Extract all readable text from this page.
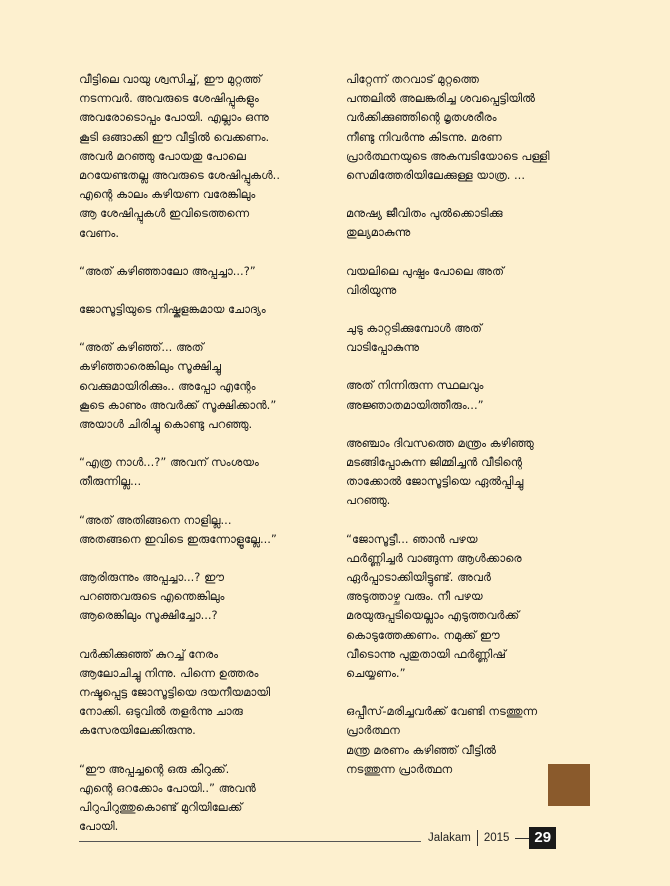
വീട്ടിലെ വായു ശ്വസിച്ച്, ഈ മുറ്റത്ത്
നടന്നവർ. അവരുടെ ശേഷിപ്പുകളും
അവരോടൊപ്പം പോയി. എല്ലാം ഒന്നു
കൂടി ഒങ്ങാക്കി ഈ വീട്ടിൽ വെക്കണം.
അവർ മറഞ്ഞു പോയതു പോലെ
മറയേണ്ടതല്ല അവരുടെ ശേഷിപ്പുകൾ..
എന്റെ കാലം കഴിയണ വരേങ്കിലും
ആ ശേഷിപ്പുകൾ ഇവിടെത്തന്നെ
വേണം.
“അത് കഴിഞ്ഞാലോ അപ്പച്ചാ...?”
ജോസൂട്ടിയുടെ നിഷ്കളങ്കമായ ചോദ്യം
“അത് കഴിഞ്ഞ്... അത്
കഴിഞ്ഞാരെങ്കിലും സൂക്ഷിച്ചു
വെക്കുമായിരിക്കും.. അപ്പോ എന്റേം
കൂടെ കാണും അവർക്ക് സൂക്ഷിക്കാൻ.”
അയാൾ ചിരിച്ചു കൊണ്ടു പറഞ്ഞു.
“എത്ര നാൾ...?” അവന് സംശയം
തീരുന്നില്ല...
“അത് അതിങ്ങനെ നാളില്ല...
അതങ്ങനെ ഇവിടെ ഇരുന്നോളൂല്ലേ...”
ആരിരുന്നും അപ്പച്ചാ...? ഈ
പറഞ്ഞവരുടെ എന്തെങ്കിലും
ആരെങ്കിലും സൂക്ഷിച്ചോ...?
വർക്കിക്കുഞ്ഞ് കുറച്ച് നേരം
ആലോചിച്ചു നിന്നു. പിന്നെ ഉത്തരം
നഷ്ടപ്പെട്ട ജോസൂട്ടിയെ ദയനീയമായി
നോക്കി. ഒടുവിൽ തളർന്നു ചാരു
കസേരയിലേക്കിരുന്നു.
“ഈ അപ്പച്ചന്റെ ഒരു കിറുക്ക്.
എന്റെ ഒറക്കോം പോയി..” അവൻ
പിറുപിറുത്തുകൊണ്ട് മുറിയിലേക്ക്
പോയി.
പിറ്റേന്ന് തറവാട് മുറ്റത്തെ
പന്തലിൽ അലങ്കരിച്ച ശവപ്പെട്ടിയിൽ
വർക്കിക്കുഞ്ഞിന്റെ മൃതശരീരം
നീണ്ടു നിവർന്നു കിടന്നു. മരണ
പ്രാർത്ഥനയുടെ അകമ്പടിയോടെ പള്ളി
സെമിത്തേരിയിലേക്കുള്ള യാത്ര. ...
മനുഷ്യ ജീവിതം പുൽക്കൊടിക്കു
തുല്യമാകുന്നു
വയലിലെ പുഷ്പം പോലെ അത്
വിരിയുന്നു
ചുടു കാറ്റടിക്കുമ്പോൾ അത്
വാടിപ്പോകുന്നു
അത് നിന്നിരുന്ന സ്ഥലവും
അജ്ഞാതമായിത്തീരും...”
അഞ്ചാം ദിവസത്തെ മന്ത്രം കഴിഞ്ഞു
മടങ്ങിപ്പോകുന്ന ജിമ്മിച്ചൻ വീടിന്റെ
താക്കോൽ ജോസൂട്ടിയെ ഏൽപ്പിച്ചു
പറഞ്ഞു.
“ജോസൂട്ടീ... ഞാൻ പഴയ
ഫർണ്ണിച്ചർ വാങ്ങുന്ന ആൾക്കാരെ
ഏർപ്പാടാക്കിയിട്ടുണ്ട്. അവർ
അടുത്താഴ്ച വരും. നീ പഴയ
മരയുരുപ്പടിയെല്ലാം എടുത്തവർക്ക്
കൊടുത്തേക്കണം. നമുക്ക് ഈ
വീടൊന്നു പുതുതായി ഫർണ്ണിഷ്
ചെയ്യണം.”
ഒപ്പീസ്-മരിച്ചവർക്ക് വേണ്ടി നടത്തുന്ന
പ്രാർത്ഥന
മന്ത്ര മരണം കഴിഞ്ഞ് വീട്ടിൽ
നടത്തുന്ന പ്രാർത്ഥന
Jalakam 2015	29
